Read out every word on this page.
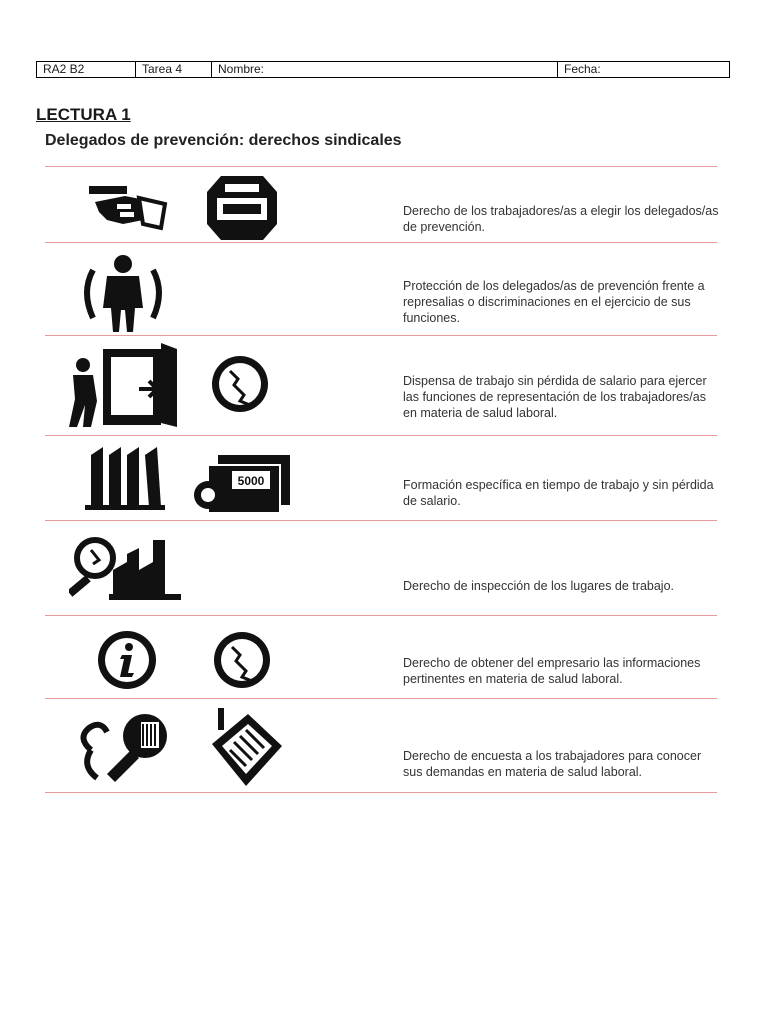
RA2 B2	Tarea 4	Nombre:	Fecha:
LECTURA 1
Delegados de prevención: derechos sindicales
Derecho de los trabajadores/as a elegir los delegados/as de prevención.
Protección de los delegados/as de prevención frente a represalias o discriminaciones en el ejercicio de sus funciones.
Dispensa de trabajo sin pérdida de salario para ejercer las funciones de representación de los trabajadores/as en materia de salud laboral.
5000	Formación específica en tiempo de trabajo y sin pérdida de salario.
Derecho de inspección de los lugares de trabajo.
Derecho de obtener del empresario las informaciones pertinentes en materia de salud laboral.
Derecho de encuesta a los trabajadores para conocer sus demandas en materia de salud laboral.
